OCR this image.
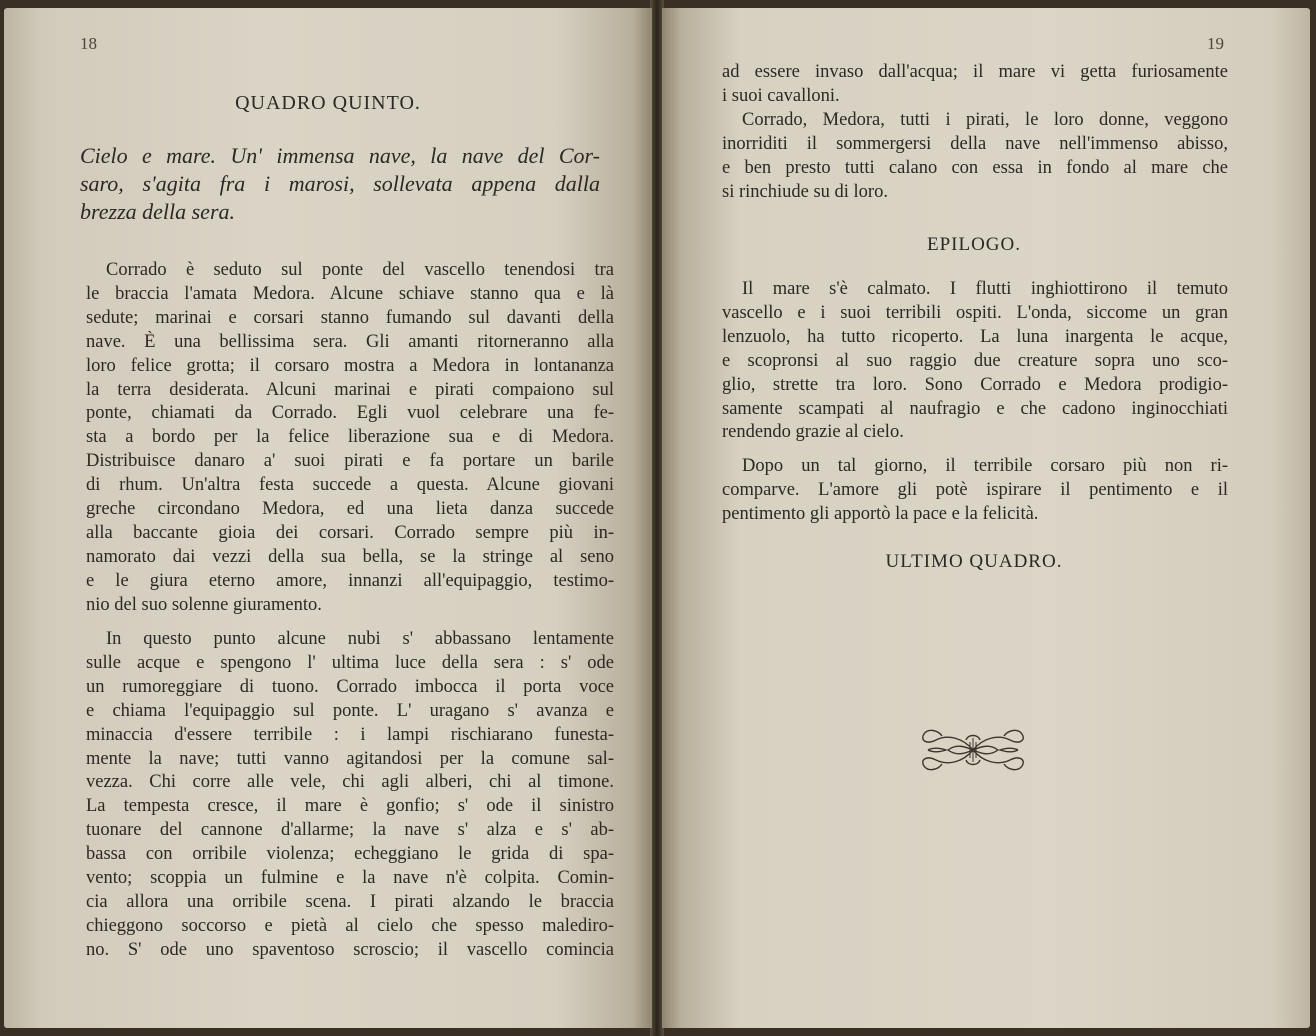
18
QUADRO QUINTO.
Cielo e mare. Un' immensa nave, la nave del Cor-
saro, s'agita fra i marosi, sollevata appena dalla
brezza della sera.
Corrado è seduto sul ponte del vascello tenendosi tra
le braccia l'amata Medora. Alcune schiave stanno qua e là
sedute; marinai e corsari stanno fumando sul davanti della
nave. È una bellissima sera. Gli amanti ritorneranno alla
loro felice grotta; il corsaro mostra a Medora in lontananza
la terra desiderata. Alcuni marinai e pirati compaiono sul
ponte, chiamati da Corrado. Egli vuol celebrare una fe-
sta a bordo per la felice liberazione sua e di Medora.
Distribuisce danaro a' suoi pirati e fa portare un barile
di rhum. Un'altra festa succede a questa. Alcune giovani
greche circondano Medora, ed una lieta danza succede
alla baccante gioia dei corsari. Corrado sempre più in-
namorato dai vezzi della sua bella, se la stringe al seno
e le giura eterno amore, innanzi all'equipaggio, testimo-
nio del suo solenne giuramento.
In questo punto alcune nubi s' abbassano lentamente
sulle acque e spengono l' ultima luce della sera : s' ode
un rumoreggiare di tuono. Corrado imbocca il porta voce
e chiama l'equipaggio sul ponte. L' uragano s' avanza e
minaccia d'essere terribile : i lampi rischiarano funesta-
mente la nave; tutti vanno agitandosi per la comune sal-
vezza. Chi corre alle vele, chi agli alberi, chi al timone.
La tempesta cresce, il mare è gonfio; s' ode il sinistro
tuonare del cannone d'allarme; la nave s' alza e s' ab-
bassa con orribile violenza; echeggiano le grida di spa-
vento; scoppia un fulmine e la nave n'è colpita. Comin-
cia allora una orribile scena. I pirati alzando le braccia
chieggono soccorso e pietà al cielo che spesso malediro-
no. S' ode uno spaventoso scroscio; il vascello comincia
19
ad essere invaso dall'acqua; il mare vi getta furiosamente
i suoi cavalloni.
Corrado, Medora, tutti i pirati, le loro donne, veggono
inorriditi il sommergersi della nave nell'immenso abisso,
e ben presto tutti calano con essa in fondo al mare che
si rinchiude su di loro.
EPILOGO.
Il mare s'è calmato. I flutti inghiottirono il temuto
vascello e i suoi terribili ospiti. L'onda, siccome un gran
lenzuolo, ha tutto ricoperto. La luna inargenta le acque,
e scopronsi al suo raggio due creature sopra uno sco-
glio, strette tra loro. Sono Corrado e Medora prodigio-
samente scampati al naufragio e che cadono inginocchiati
rendendo grazie al cielo.
Dopo un tal giorno, il terribile corsaro più non ri-
comparve. L'amore gli potè ispirare il pentimento e il
pentimento gli apportò la pace e la felicità.
ULTIMO QUADRO.
